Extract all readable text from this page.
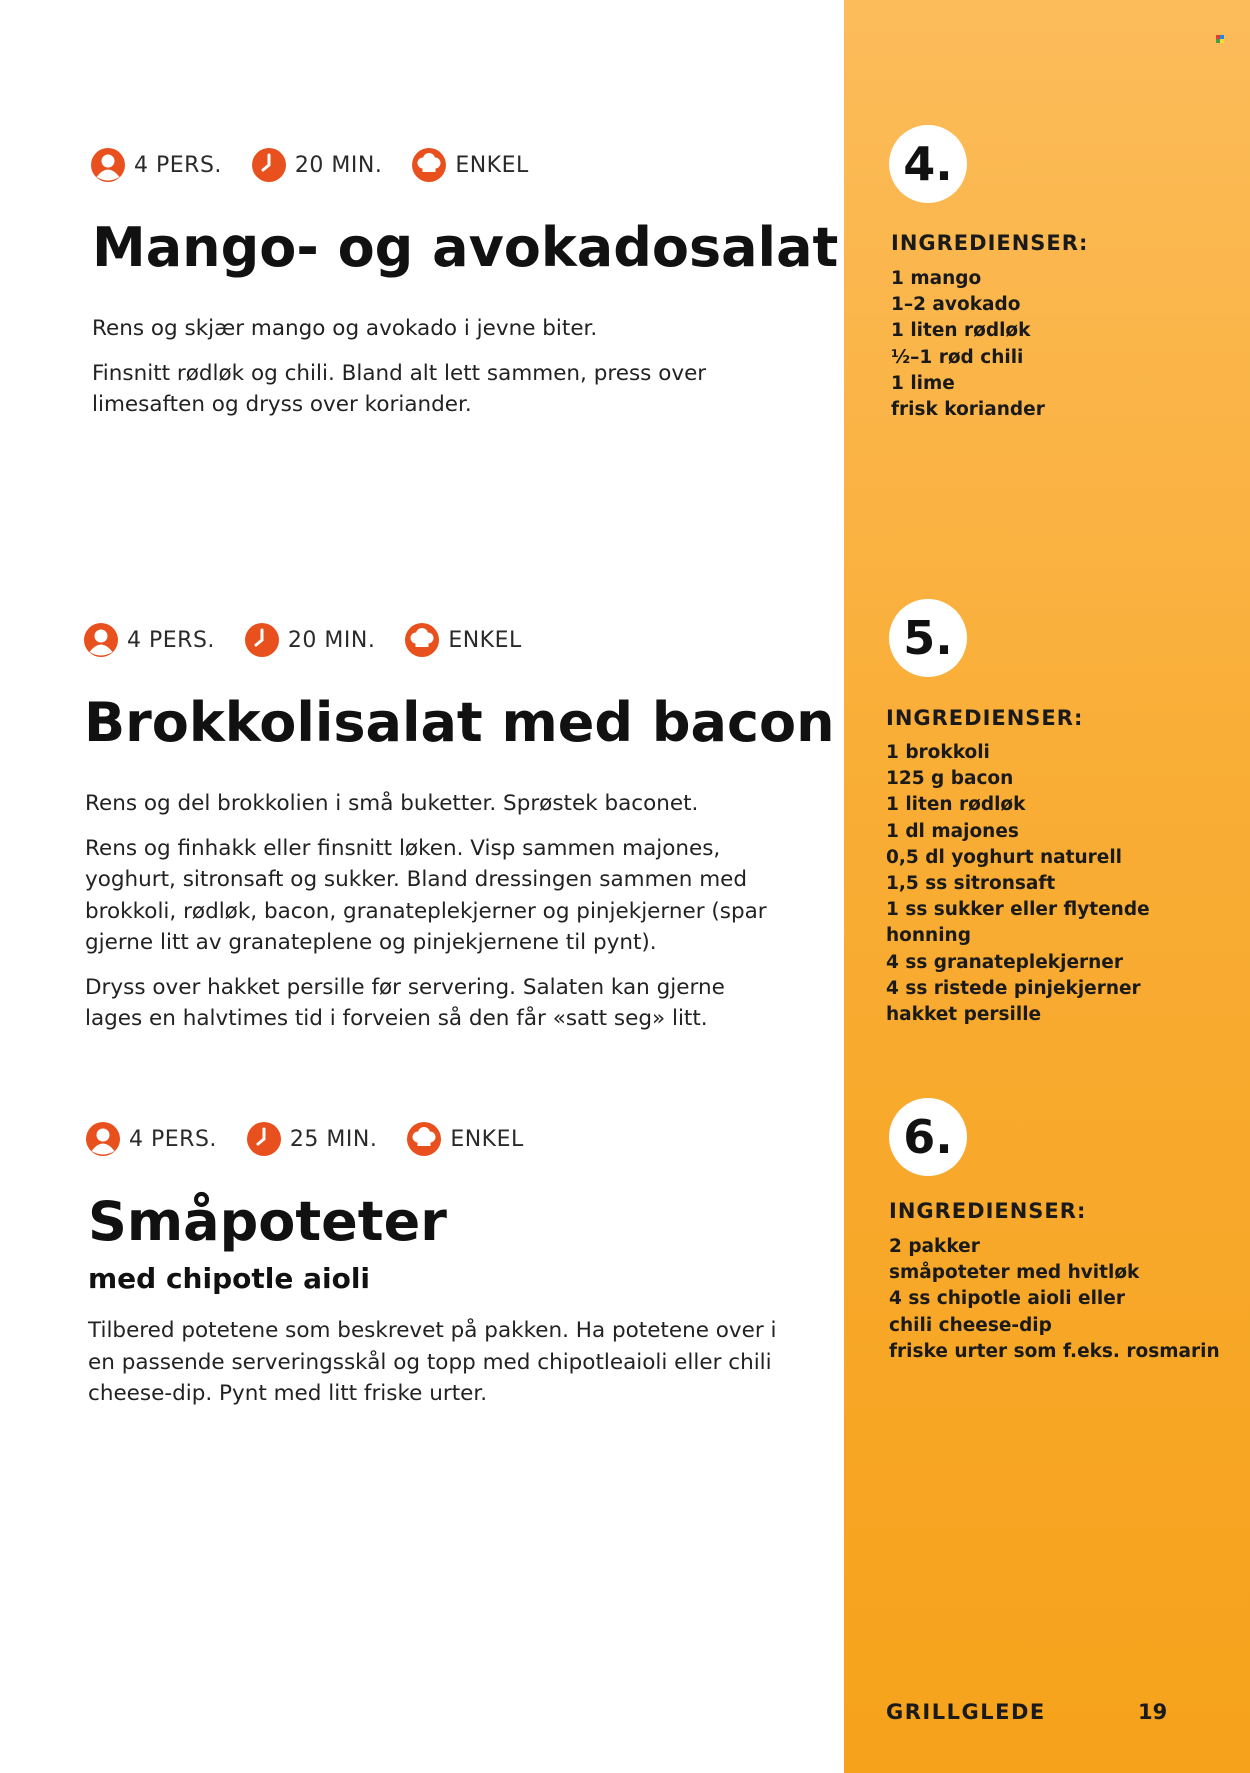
4 PERS.	20 MIN.	ENKEL
Mango- og avokadosalat

Rens og skjær mango og avokado i jevne biter.

Finsnitt rødløk og chili. Bland alt lett sammen, press over limesaften og dryss over koriander.

4.
INGREDIENSER:
1 mango
1–2 avokado
1 liten rødløk
½–1 rød chili
1 lime
frisk koriander
4 PERS.	20 MIN.	ENKEL
Brokkolisalat med bacon

Rens og del brokkolien i små buketter. Sprøstek baconet.

Rens og finhakk eller finsnitt løken. Visp sammen majones, yoghurt, sitronsaft og sukker. Bland dressingen sammen med brokkoli, rødløk, bacon, granateplekjerner og pinjekjerner (spar gjerne litt av granateplene og pinjekjernene til pynt).

Dryss over hakket persille før servering. Salaten kan gjerne lages en halvtimes tid i forveien så den får «satt seg» litt.

5.
INGREDIENSER:
1 brokkoli
125 g bacon
1 liten rødløk
1 dl majones
0,5 dl yoghurt naturell
1,5 ss sitronsaft
1 ss sukker eller flytende
honning
4 ss granateplekjerner
4 ss ristede pinjekjerner
hakket persille
4 PERS.	25 MIN.	ENKEL
Småpoteter
med chipotle aioli

Tilbered potetene som beskrevet på pakken. Ha potetene over i en passende serveringsskål og topp med chipotleaioli eller chili cheese-dip. Pynt med litt friske urter.

6.
INGREDIENSER:
2 pakker
småpoteter med hvitløk
4 ss chipotle aioli eller
chili cheese-dip
friske urter som f.eks. rosmarin
GRILLGLEDE	19
